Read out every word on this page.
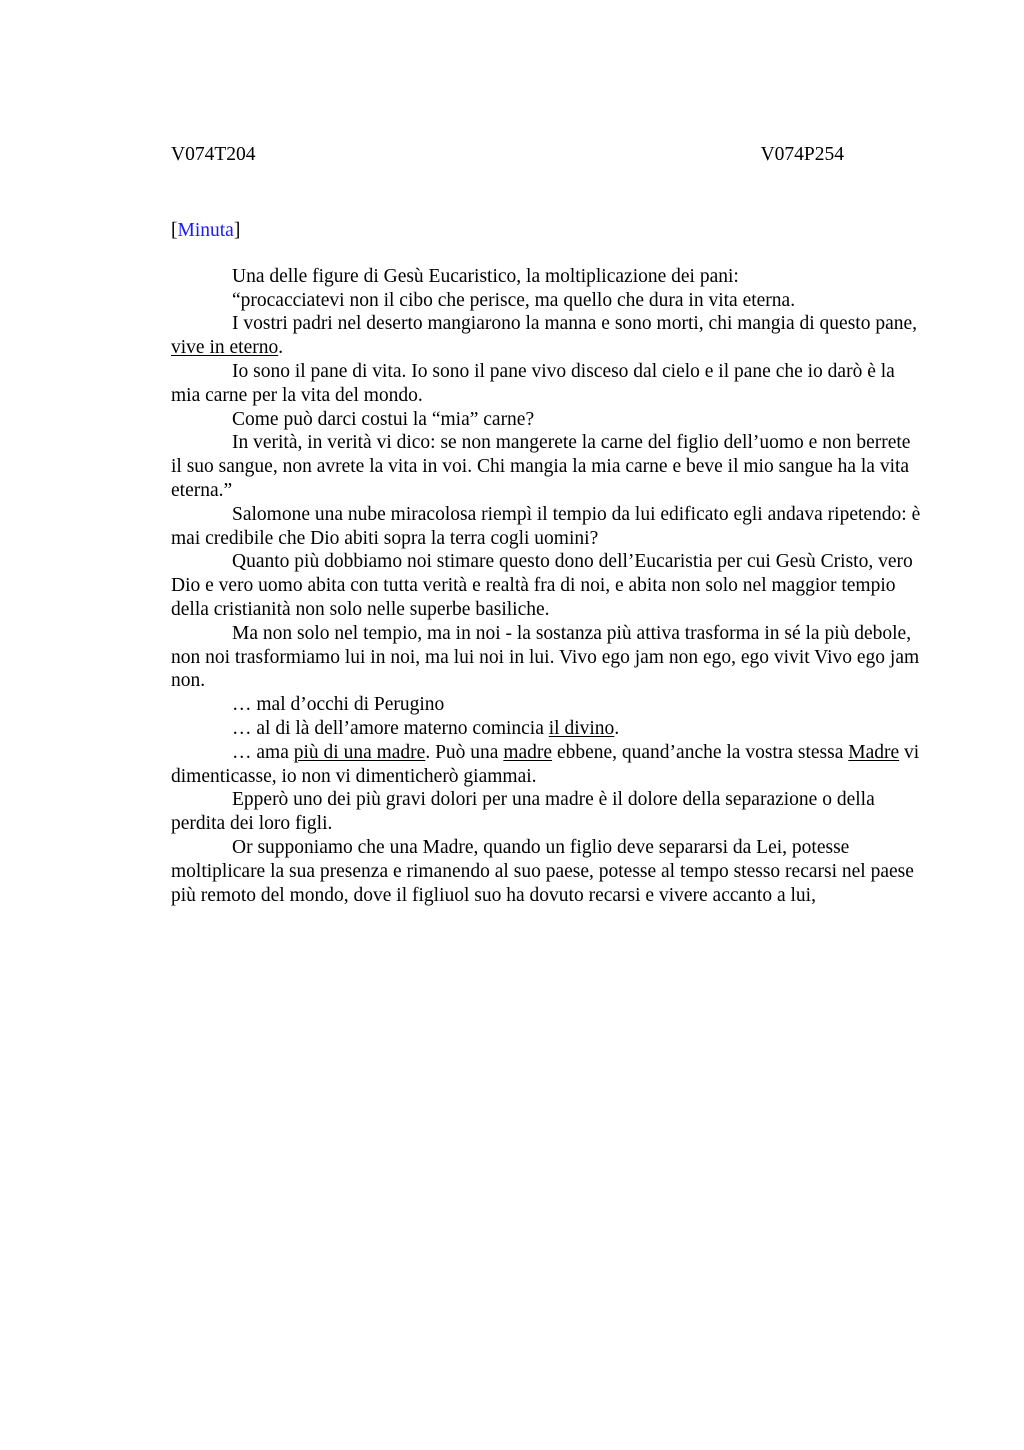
V074T204	V074P254
[Minuta]

Una delle figure di Gesù Eucaristico, la moltiplicazione dei pani:

“procacciatevi non il cibo che perisce, ma quello che dura in vita eterna.

I vostri padri nel deserto mangiarono la manna e sono morti, chi mangia di questo pane, vive in eterno.

Io sono il pane di vita. Io sono il pane vivo disceso dal cielo e il pane che io darò è la mia carne per la vita del mondo.

Come può darci costui la “mia” carne?

In verità, in verità vi dico: se non mangerete la carne del figlio dell’uomo e non berrete il suo sangue, non avrete la vita in voi. Chi mangia la mia carne e beve il mio sangue ha la vita eterna.”

Salomone una nube miracolosa riempì il tempio da lui edificato egli andava ripetendo: è mai credibile che Dio abiti sopra la terra cogli uomini?

Quanto più dobbiamo noi stimare questo dono dell’Eucaristia per cui Gesù Cristo, vero Dio e vero uomo abita con tutta verità e realtà fra di noi, e abita non solo nel maggior tempio della cristianità non solo nelle superbe basiliche.

Ma non solo nel tempio, ma in noi - la sostanza più attiva trasforma in sé la più debole, non noi trasformiamo lui in noi, ma lui noi in lui. Vivo ego jam non ego, ego vivit Vivo ego jam non.

… mal d’occhi di Perugino

… al di là dell’amore materno comincia il divino.

… ama più di una madre. Può una madre ebbene, quand’anche la vostra stessa Madre vi dimenticasse, io non vi dimenticherò giammai.

Epperò uno dei più gravi dolori per una madre è il dolore della separazione o della perdita dei loro figli.

Or supponiamo che una Madre, quando un figlio deve separarsi da Lei, potesse moltiplicare la sua presenza e rimanendo al suo paese, potesse al tempo stesso recarsi nel paese più remoto del mondo, dove il figliuol suo ha dovuto recarsi e vivere accanto a lui,
